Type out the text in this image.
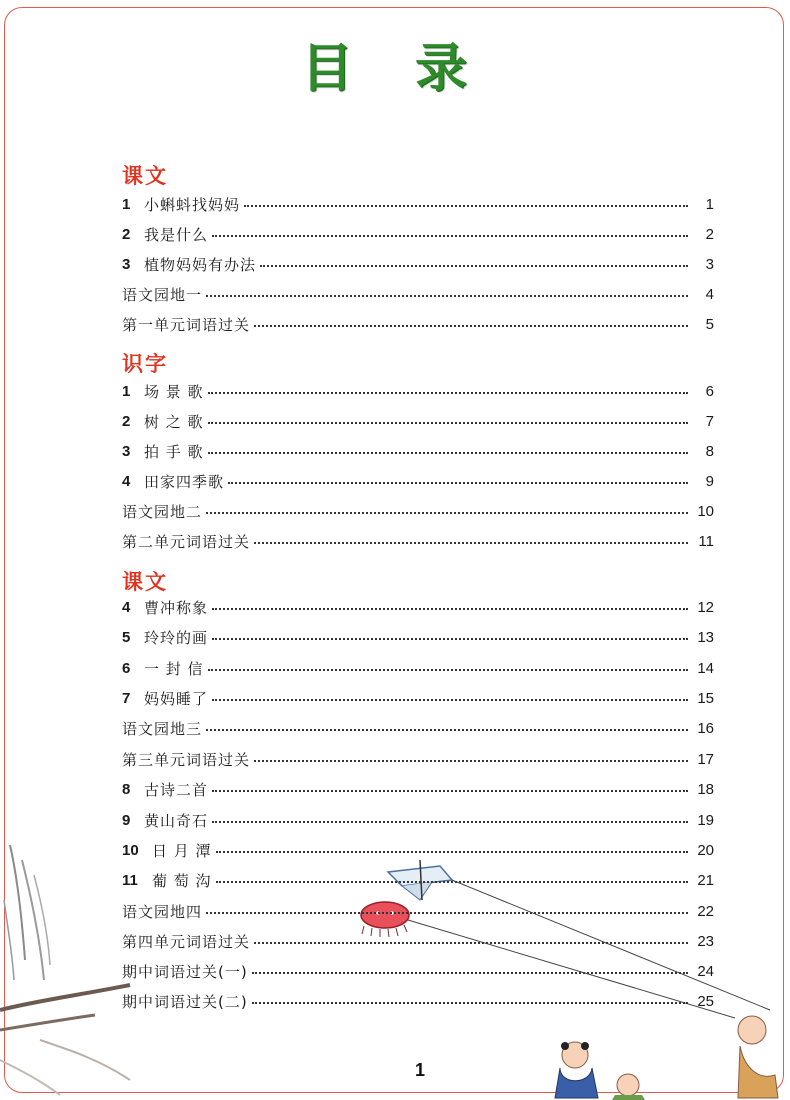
目 录
课文
1 小蝌蚪找妈妈	1
2 我是什么	2
3 植物妈妈有办法	3
语文园地一	4
第一单元词语过关	5
识字
1 场 景 歌	6
2 树 之 歌	7
3 拍 手 歌	8
4 田家四季歌	9
语文园地二	10
第二单元词语过关	11
课文
4 曹冲称象	12
5 玲玲的画	13
6 一 封 信	14
7 妈妈睡了	15
语文园地三	16
第三单元词语过关	17
8 古诗二首	18
9 黄山奇石	19
10 日 月 潭	20
11 葡 萄 沟	21
语文园地四	22
第四单元词语过关	23
期中词语过关(一)	24
期中词语过关(二)	25
1
